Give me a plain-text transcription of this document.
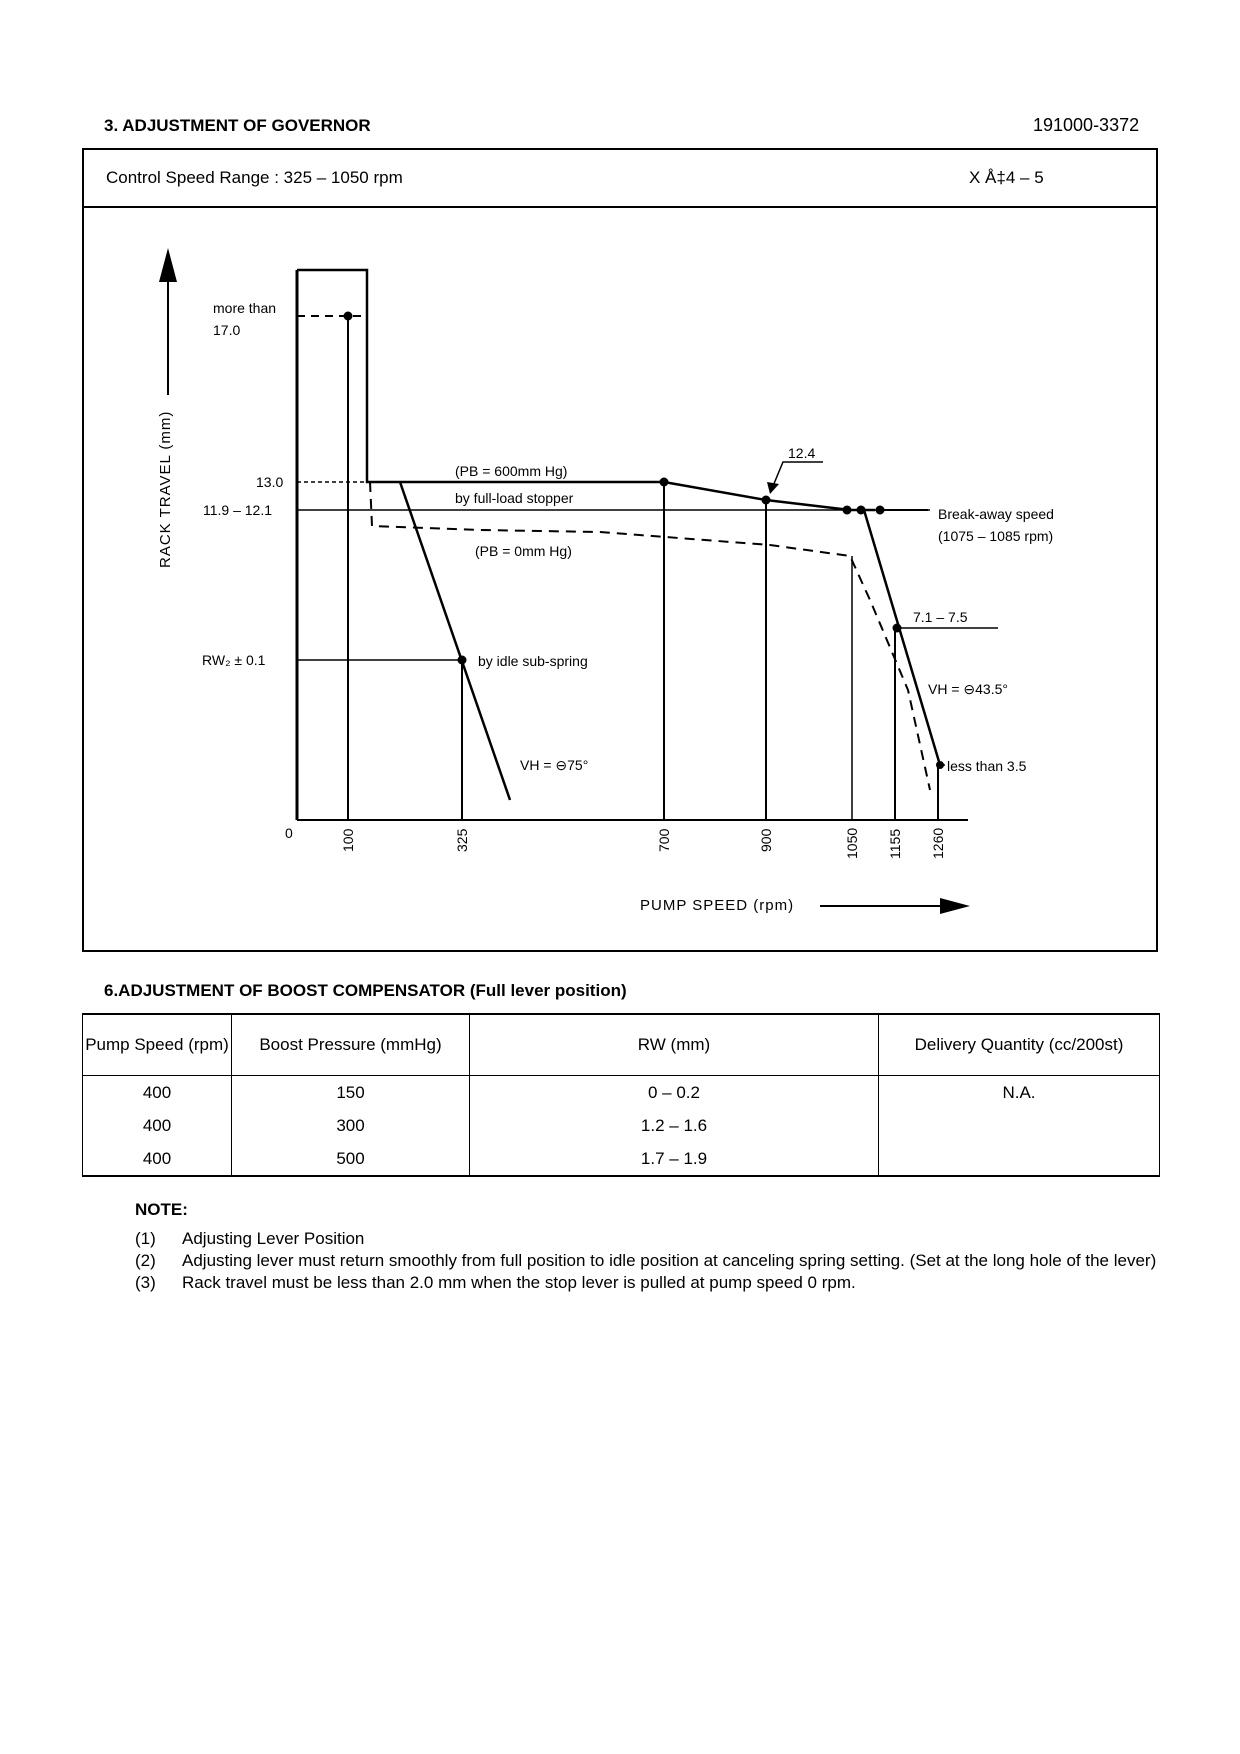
3. ADJUSTMENT OF GOVERNOR	191000-3372
Control Speed Range : 325 – 1050 rpm	X Å‡4 – 5
RACK TRAVEL (mm)
0
more than
17.0
13.0
11.9 – 12.1
RW₂ ± 0.1
100	325	700	900	1050 1155 1260
(PB = 600mm Hg)
by full-load stopper
(PB = 0mm Hg)
12.4
Break-away speed
(1075 – 1085 rpm)
7.1 – 7.5
VH = ⊖43.5°
by idle sub-spring
VH = ⊖75°	less than 3.5
PUMP SPEED (rpm)
6.ADJUSTMENT OF BOOST COMPENSATOR (Full lever position)
Pump Speed (rpm)	Boost Pressure (mmHg)	RW (mm)	Delivery Quantity (cc/200st)
400	150	0 – 0.2	N.A.
400	300	1.2 – 1.6	
400	500	1.7 – 1.9	
NOTE:
(1)	Adjusting Lever Position
(2)	Adjusting lever must return smoothly from full position to idle position at canceling spring setting. (Set at the long hole of the lever)
(3)	Rack travel must be less than 2.0 mm when the stop lever is pulled at pump speed 0 rpm.
